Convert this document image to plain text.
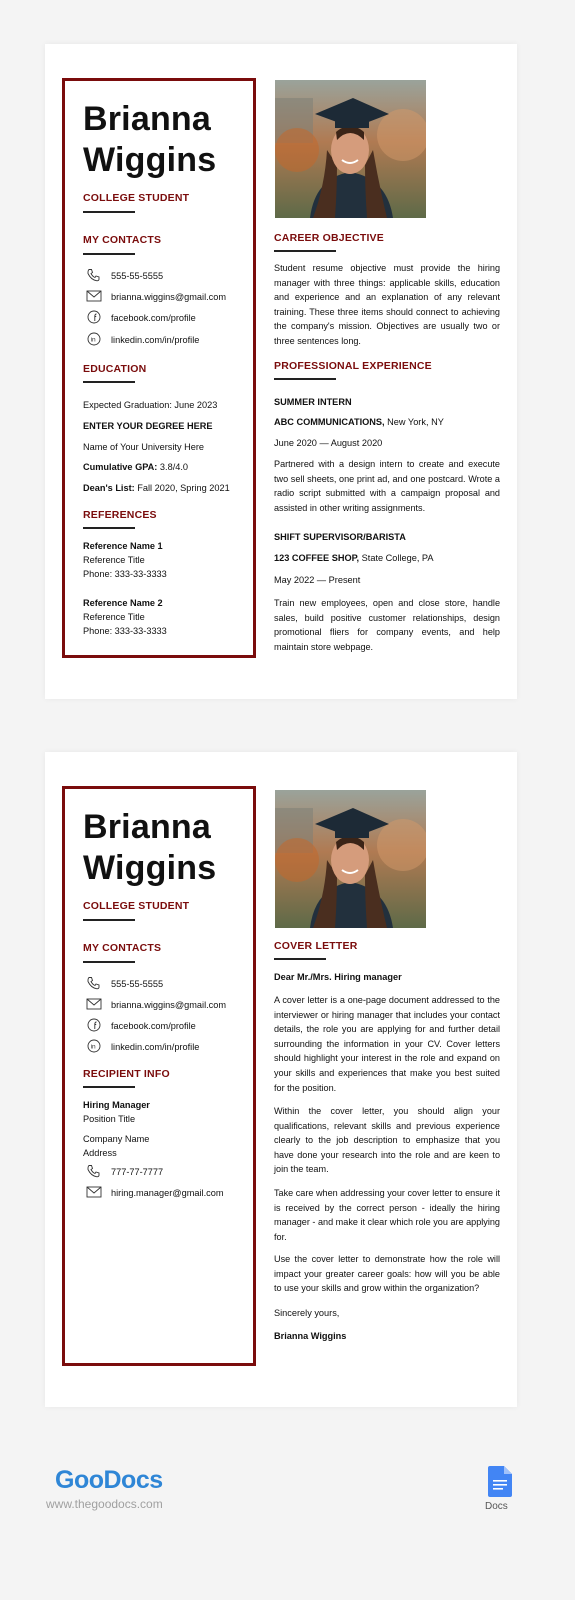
Brianna
Wiggins
COLLEGE STUDENT
MY CONTACTS
555-55-5555
brianna.wiggins@gmail.com
facebook.com/profile
in linkedin.com/in/profile
EDUCATION
Expected Graduation: June 2023
ENTER YOUR DEGREE HERE
Name of Your University Here
Cumulative GPA: 3.8/4.0
Dean's List: Fall 2020, Spring 2021
REFERENCES
Reference Name 1
Reference Title
Phone: 333-33-3333
Reference Name 2
Reference Title
Phone: 333-33-3333
CAREER OBJECTIVE
Student resume objective must provide the hiring manager with three things: applicable skills, education and experience and an explanation of any relevant training. These three items should connect to achieving the company's mission. Objectives are usually two or three sentences long.
PROFESSIONAL EXPERIENCE
SUMMER INTERN
ABC COMMUNICATIONS, New York, NY
June 2020 — August 2020
Partnered with a design intern to create and execute two sell sheets, one print ad, and one postcard. Wrote a radio script submitted with a campaign proposal and assisted in other writing assignments.
SHIFT SUPERVISOR/BARISTA
123 COFFEE SHOP, State College, PA
May 2022 — Present
Train new employees, open and close store, handle sales, build positive customer relationships, design promotional fliers for company events, and help maintain store webpage.
Brianna
Wiggins
COLLEGE STUDENT
MY CONTACTS
555-55-5555
brianna.wiggins@gmail.com
facebook.com/profile
in linkedin.com/in/profile
RECIPIENT INFO
Hiring Manager
Position Title
Company Name
Address
777-77-7777
hiring.manager@gmail.com
COVER LETTER
Dear Mr./Mrs. Hiring manager
A cover letter is a one-page document addressed to the interviewer or hiring manager that includes your contact details, the role you are applying for and further detail surrounding the information in your CV. Cover letters should highlight your interest in the role and expand on your skills and experiences that make you best suited for the position.
Within the cover letter, you should align your qualifications, relevant skills and previous experience clearly to the job description to emphasize that you have done your research into the role and are keen to join the team.
Take care when addressing your cover letter to ensure it is received by the correct person - ideally the hiring manager - and make it clear which role you are applying for.
Use the cover letter to demonstrate how the role will impact your greater career goals: how will you be able to use your skills and grow within the organization?
Sincerely yours,
Brianna Wiggins
GooDocs
www.thegoodocs.com	Docs
